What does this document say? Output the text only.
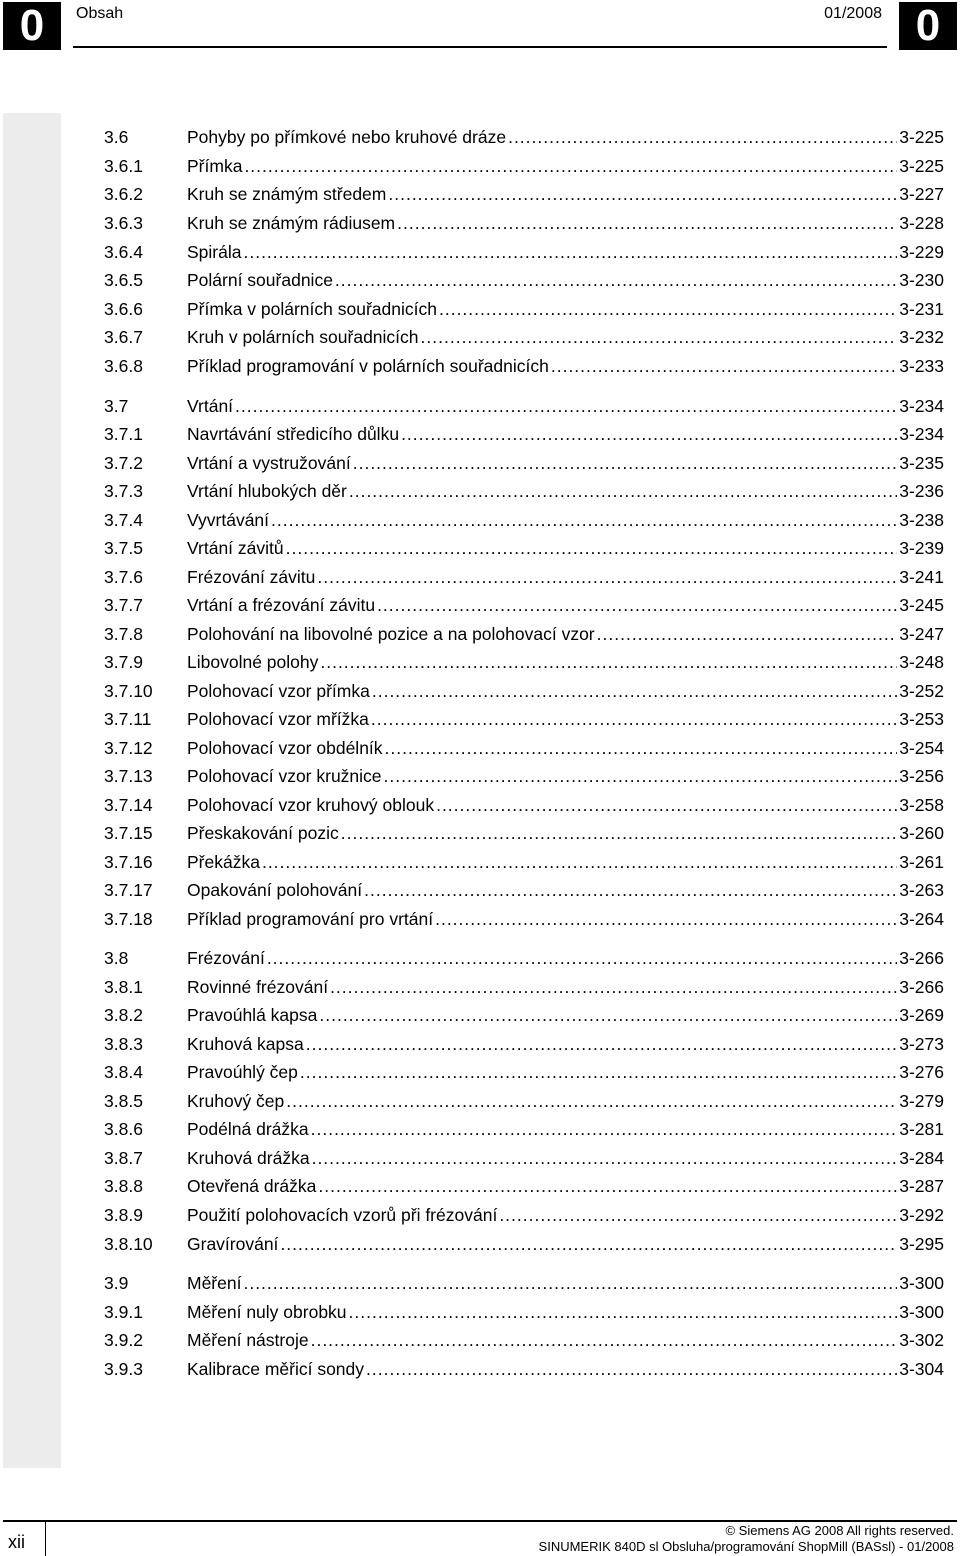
0	Obsah	01/2008 0
3.6	Pohyby po přímkové nebo kruhové dráze .....	3-225
3.6.1	Přímka .....	3-225
3.6.2	Kruh se známým středem .....	3-227
3.6.3	Kruh se známým rádiusem .....	3-228
3.6.4	Spirála .....	3-229
3.6.5	Polární souřadnice .....	3-230
3.6.6	Přímka v polárních souřadnicích .....	3-231
3.6.7	Kruh v polárních souřadnicích .....	3-232
3.6.8	Příklad programování v polárních souřadnicích .....	3-233
3.7	Vrtání .....	3-234
3.7.1	Navrtávání středicího důlku .....	3-234
3.7.2	Vrtání a vystružování .....	3-235
3.7.3	Vrtání hlubokých děr .....	3-236
3.7.4	Vyvrtávání .....	3-238
3.7.5	Vrtání závitů .....	3-239
3.7.6	Frézování závitu .....	3-241
3.7.7	Vrtání a frézování závitu .....	3-245
3.7.8	Polohování na libovolné pozice a na polohovací vzor .....	3-247
3.7.9	Libovolné polohy .....	3-248
3.7.10	Polohovací vzor přímka .....	3-252
3.7.11	Polohovací vzor mřížka .....	3-253
3.7.12	Polohovací vzor obdélník .....	3-254
3.7.13	Polohovací vzor kružnice .....	3-256
3.7.14	Polohovací vzor kruhový oblouk .....	3-258
3.7.15	Přeskakování pozic .....	3-260
3.7.16	Překážka .....	3-261
3.7.17	Opakování polohování .....	3-263
3.7.18	Příklad programování pro vrtání .....	3-264
3.8	Frézování .....	3-266
3.8.1	Rovinné frézování .....	3-266
3.8.2	Pravoúhlá kapsa .....	3-269
3.8.3	Kruhová kapsa .....	3-273
3.8.4	Pravoúhlý čep .....	3-276
3.8.5	Kruhový čep .....	3-279
3.8.6	Podélná drážka .....	3-281
3.8.7	Kruhová drážka .....	3-284
3.8.8	Otevřená drážka .....	3-287
3.8.9	Použití polohovacích vzorů při frézování .....	3-292
3.8.10	Gravírování .....	3-295
3.9	Měření .....	3-300
3.9.1	Měření nuly obrobku .....	3-300
3.9.2	Měření nástroje .....	3-302
3.9.3	Kalibrace měřicí sondy .....	3-304
xii
© Siemens AG 2008 All rights reserved.
SINUMERIK 840D sl Obsluha/programování ShopMill (BASsl) - 01/2008
